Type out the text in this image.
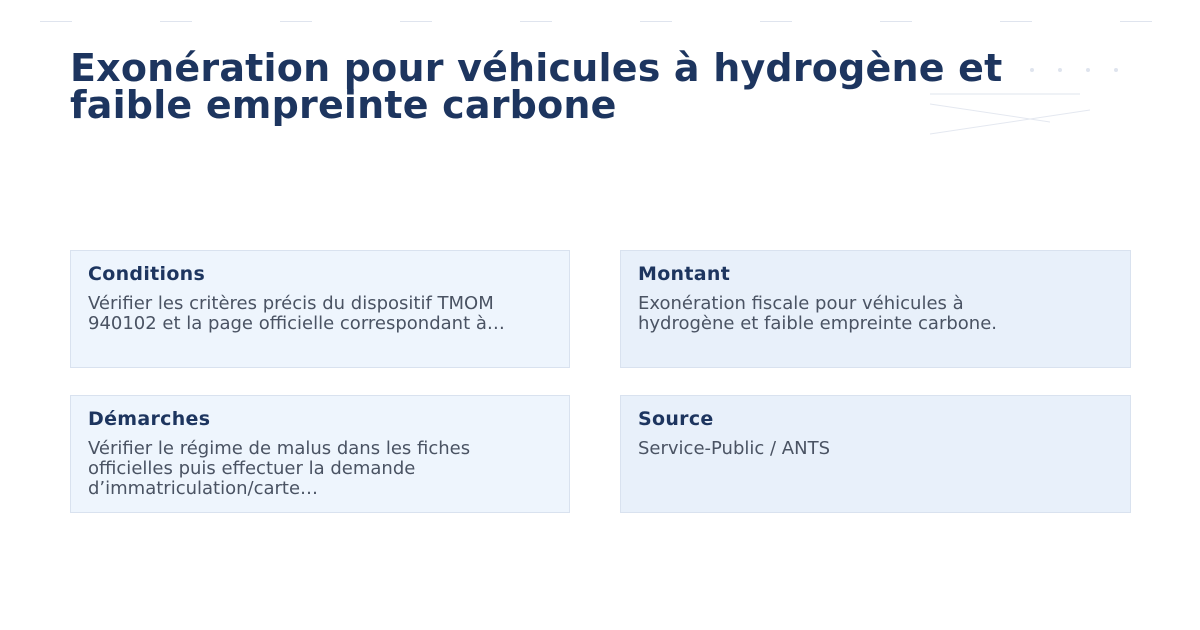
Exonération pour véhicules à hydrogène et
faible empreinte carbone
Conditions

Vérifier les critères précis du dispositif TMOM
940102 et la page officielle correspondant à…

Montant

Exonération fiscale pour véhicules à
hydrogène et faible empreinte carbone.

Démarches

Vérifier le régime de malus dans les fiches
officielles puis effectuer la demande
d’immatriculation/carte…

Source

Service-Public / ANTS
